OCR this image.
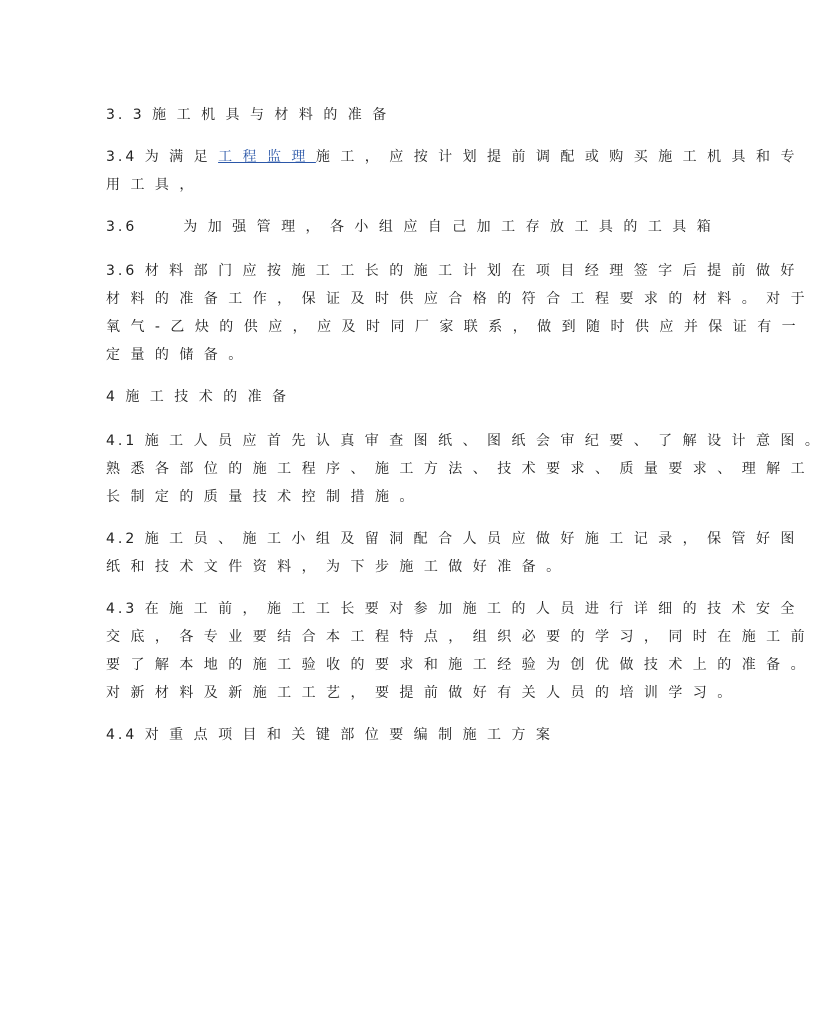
3. 3 施 工 机 具 与 材 料 的 准 备
3.4 为 满 足 工 程 监 理 施 工 ， 应 按 计 划 提 前 调 配 或 购 买 施 工 机 具 和 专
用 工 具 ，
3.6	为 加 强 管 理 ， 各 小 组 应 自 己 加 工 存 放 工 具 的 工 具 箱
3.6 材 料 部 门 应 按 施 工 工 长 的 施 工 计 划 在 项 目 经 理 签 字 后 提 前 做 好
材 料 的 准 备 工 作 ， 保 证 及 时 供 应 合 格 的 符 合 工 程 要 求 的 材 料 。 对 于
氧 气 - 乙 炔 的 供 应 ， 应 及 时 同 厂 家 联 系 ， 做 到 随 时 供 应 并 保 证 有 一
定 量 的 储 备 。
4 施 工 技 术 的 准 备
4.1 施 工 人 员 应 首 先 认 真 审 查 图 纸 、 图 纸 会 审 纪 要 、 了 解 设 计 意 图 。
熟 悉 各 部 位 的 施 工 程 序 、 施 工 方 法 、 技 术 要 求 、 质 量 要 求 、 理 解 工
长 制 定 的 质 量 技 术 控 制 措 施 。
4.2 施 工 员 、 施 工 小 组 及 留 洞 配 合 人 员 应 做 好 施 工 记 录 ， 保 管 好 图
纸 和 技 术 文 件 资 料 ， 为 下 步 施 工 做 好 准 备 。
4.3 在 施 工 前 ， 施 工 工 长 要 对 参 加 施 工 的 人 员 进 行 详 细 的 技 术 安 全
交 底 ， 各 专 业 要 结 合 本 工 程 特 点 ， 组 织 必 要 的 学 习 ， 同 时 在 施 工 前
要 了 解 本 地 的 施 工 验 收 的 要 求 和 施 工 经 验 为 创 优 做 技 术 上 的 准 备 。
对 新 材 料 及 新 施 工 工 艺 ， 要 提 前 做 好 有 关 人 员 的 培 训 学 习 。
4.4 对 重 点 项 目 和 关 键 部 位 要 编 制 施 工 方 案
